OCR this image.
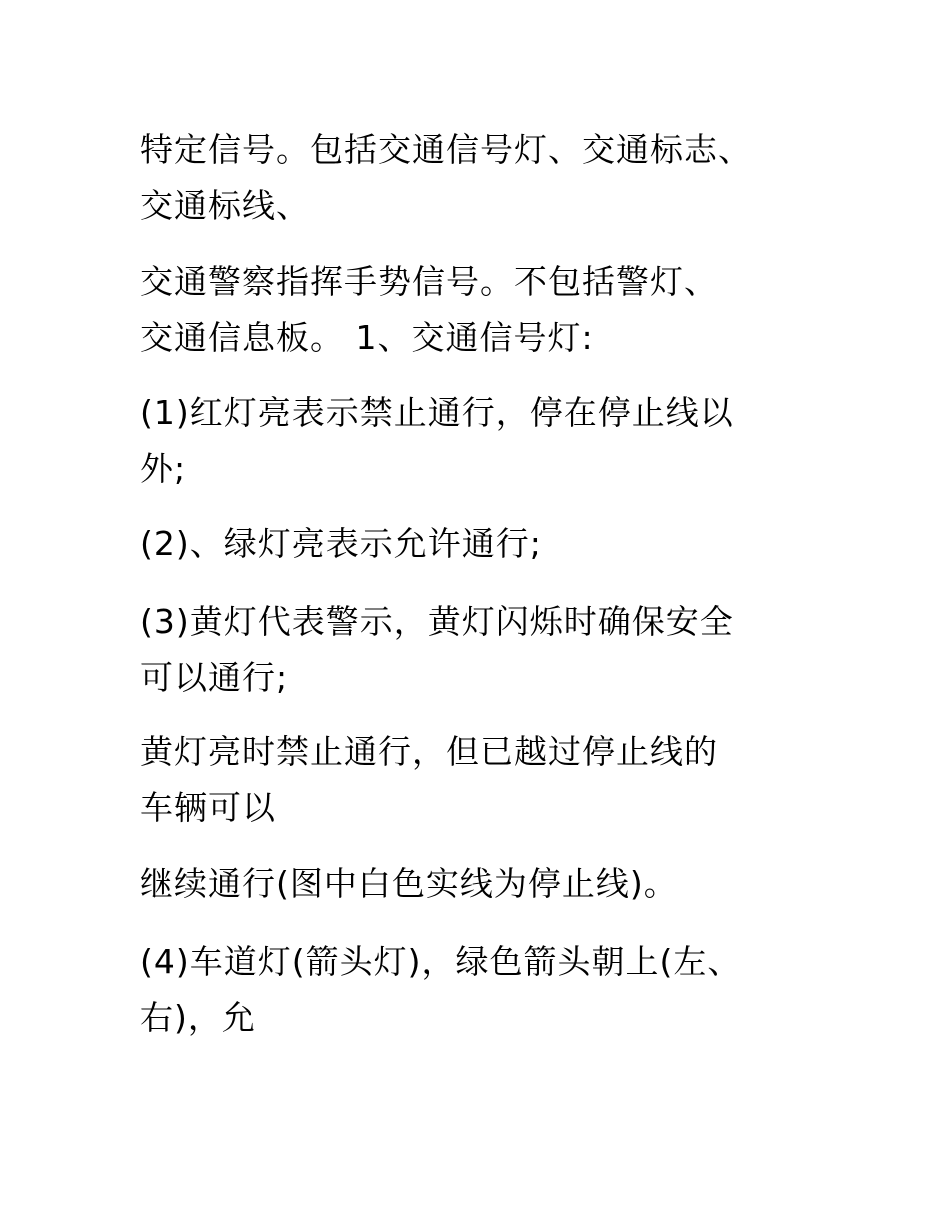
特定信号。包括交通信号灯、交通标志、
交通标线、

交通警察指挥手势信号。不包括警灯、
交通信息板。 1、交通信号灯:

(1)红灯亮表示禁止通行，停在停止线以
外;

(2)、绿灯亮表示允许通行;

(3)黄灯代表警示，黄灯闪烁时确保安全
可以通行;

黄灯亮时禁止通行，但已越过停止线的
车辆可以

继续通行(图中白色实线为停止线)。

(4)车道灯(箭头灯)，绿色箭头朝上(左、
右)，允
